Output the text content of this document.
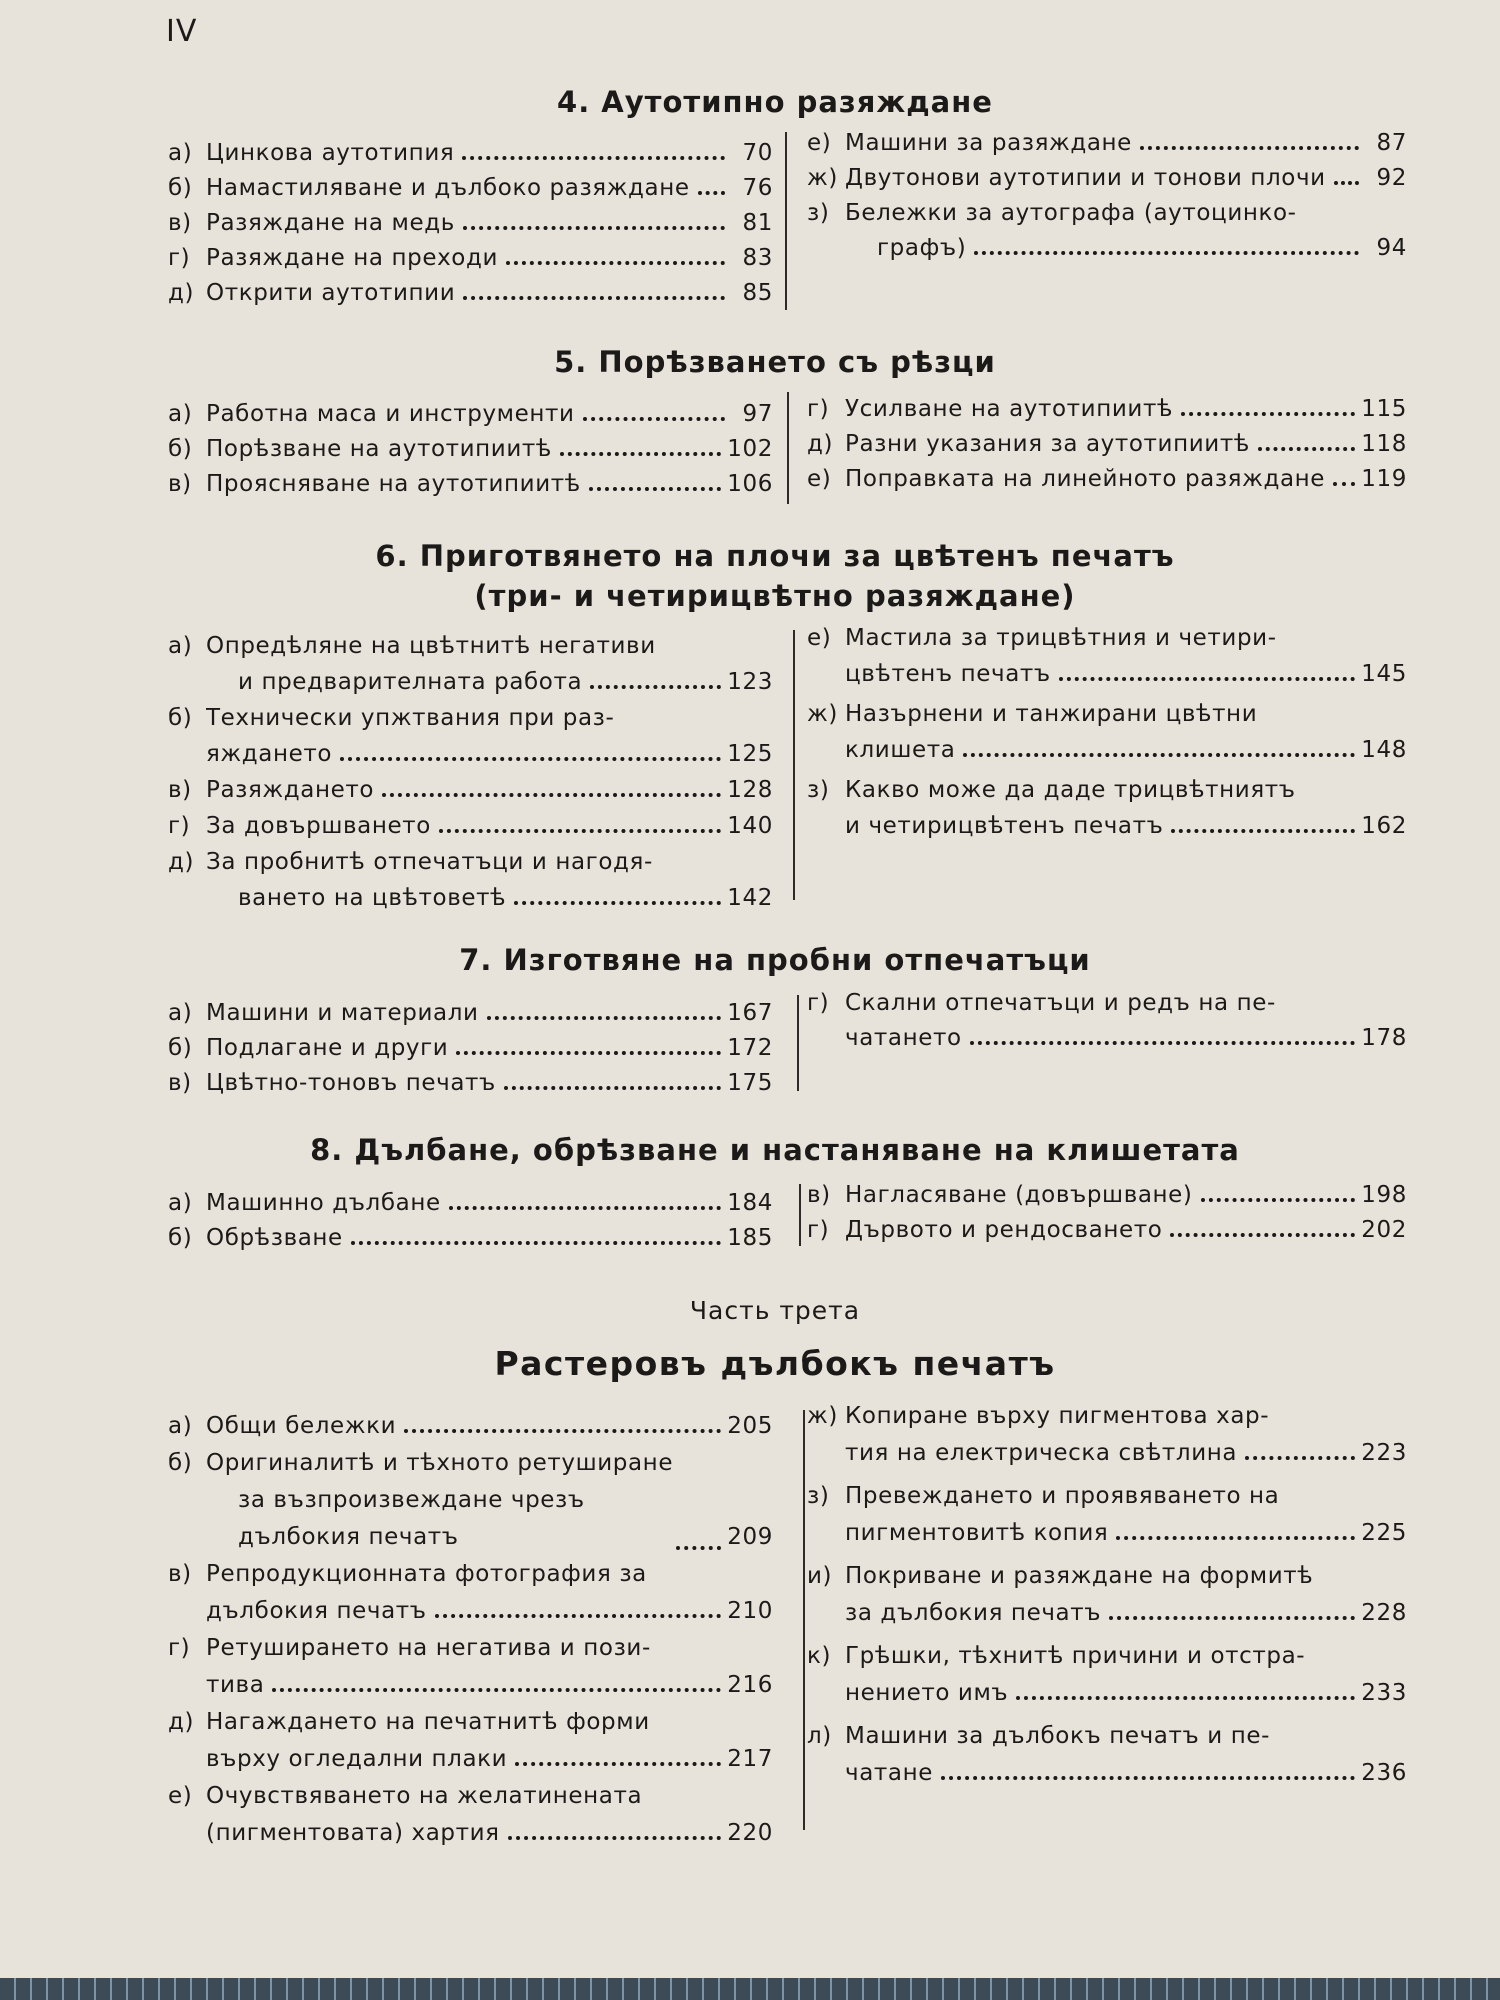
IV
4. Аутотипно разяждане
а) Цинкова аутотипия	70
б) Намастиляване и дълбоко разяждане	76
в) Разяждане на медь	81
г) Разяждане на преходи	83
д) Открити аутотипии	85
е) Машини за разяждане	87
ж) Двутонови аутотипии и тонови плочи	92
з) Бележки за аутографа (аутоцинко-
графъ)	94
5. Порѣзването съ рѣзци
а) Работна маса и инструменти	97
б) Порѣзване на аутотипиитѣ	102
в) Прояснявaне на аутотипиитѣ	106
г) Усилване на аутотипиитѣ	115
д) Разни указания за аутотипиитѣ	118
е) Поправката на линейното разяждане 119
6. Приготвянето на плочи за цвѣтенъ печатъ
(три- и четирицвѣтно разяждане)
а) Опредѣляне на цвѣтнитѣ негативи
и предварителната работа	123
б) Технически упжтвания при раз-
яждането	125
в) Разяждането	128
г) За довършването	140
д) За пробнитѣ отпечатъци и нагодя-
ването на цвѣтоветѣ	142
е) Мастила за трицвѣтния и четири-
цвѣтенъ печатъ	145
ж) Назърнени и танжирани цвѣтни
клишета	148
з) Какво може да даде трицвѣтниятъ
и четирицвѣтенъ печатъ	162
7. Изготвяне на пробни отпечатъци
а) Машини и материали	167
б) Подлагане и други	172
в) Цвѣтно-тоновъ печатъ	175
г) Скални отпечатъци и редъ на пе-
чатането	178
8. Дълбане, обрѣзване и настаняване на клишетата
а) Машинно дълбане	184
б) Обрѣзване	185
в) Нагласяване (довършване)	198
г) Дървото и рендосването	202
Часть трета
Растеровъ дълбокъ печатъ
а) Общи бележки	205
б) Оригиналитѣ и тѣхното ретуширане
за възпроизвеждане чрезъ дълбокия печатъ	209
в) Репродукционната фотография за
дълбокия печатъ	210
г) Ретуширането на негатива и пози-
тива	216
д) Нагаждането на печатнитѣ форми
върху огледални плаки	217
е) Очувствяването на желатинената
(пигментовата) хартия	220
ж) Копиране върху пигментова хар-
тия на електрическа свѣтлина	223
з) Превеждането и проявяването на
пигментовитѣ копия	225
и) Покриване и разяждане на формитѣ
за дълбокия печатъ	228
к) Грѣшки, тѣхнитѣ причини и отстра-
нението имъ	233
л) Машини за дълбокъ печатъ и пе-
чатане	236
